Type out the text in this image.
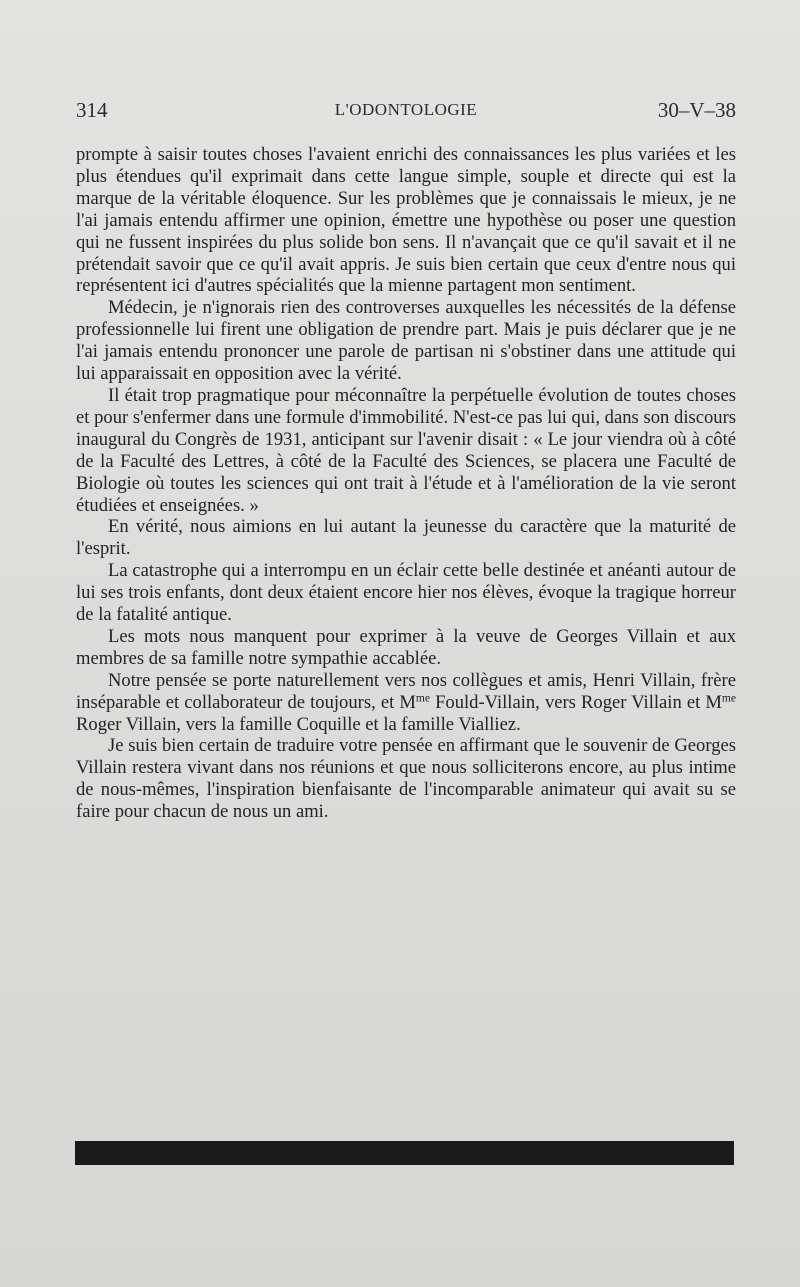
314	L'ODONTOLOGIE	30–V–38

prompte à saisir toutes choses l'avaient enrichi des connaissances les plus variées et les plus étendues qu'il exprimait dans cette langue simple, souple et directe qui est la marque de la véritable éloquence. Sur les problèmes que je connaissais le mieux, je ne l'ai jamais entendu affirmer une opinion, émettre une hypothèse ou poser une question qui ne fussent inspirées du plus solide bon sens. Il n'avançait que ce qu'il savait et il ne prétendait savoir que ce qu'il avait appris. Je suis bien certain que ceux d'entre nous qui représentent ici d'autres spécialités que la mienne partagent mon sentiment.

Médecin, je n'ignorais rien des controverses auxquelles les nécessités de la défense professionnelle lui firent une obligation de prendre part. Mais je puis déclarer que je ne l'ai jamais entendu prononcer une parole de partisan ni s'obstiner dans une attitude qui lui apparaissait en opposition avec la vérité.

Il était trop pragmatique pour méconnaître la perpétuelle évolution de toutes choses et pour s'enfermer dans une formule d'immobilité. N'est-ce pas lui qui, dans son discours inaugural du Congrès de 1931, anticipant sur l'avenir disait : « Le jour viendra où à côté de la Faculté des Lettres, à côté de la Faculté des Sciences, se placera une Faculté de Biologie où toutes les sciences qui ont trait à l'étude et à l'amélioration de la vie seront étudiées et enseignées. »

En vérité, nous aimions en lui autant la jeunesse du caractère que la maturité de l'esprit.

La catastrophe qui a interrompu en un éclair cette belle destinée et anéanti autour de lui ses trois enfants, dont deux étaient encore hier nos élèves, évoque la tragique horreur de la fatalité antique.

Les mots nous manquent pour exprimer à la veuve de Georges Villain et aux membres de sa famille notre sympathie accablée.

Notre pensée se porte naturellement vers nos collègues et amis, Henri Villain, frère inséparable et collaborateur de toujours, et $M^{me}$ Fould-Villain, vers Roger Villain et $M^{me}$ Roger Villain, vers la famille Coquille et la famille Vialliez.

Je suis bien certain de traduire votre pensée en affirmant que le souvenir de Georges Villain restera vivant dans nos réunions et que nous solliciterons encore, au plus intime de nous-mêmes, l'inspiration bienfaisante de l'incomparable animateur qui avait su se faire pour chacun de nous un ami.
